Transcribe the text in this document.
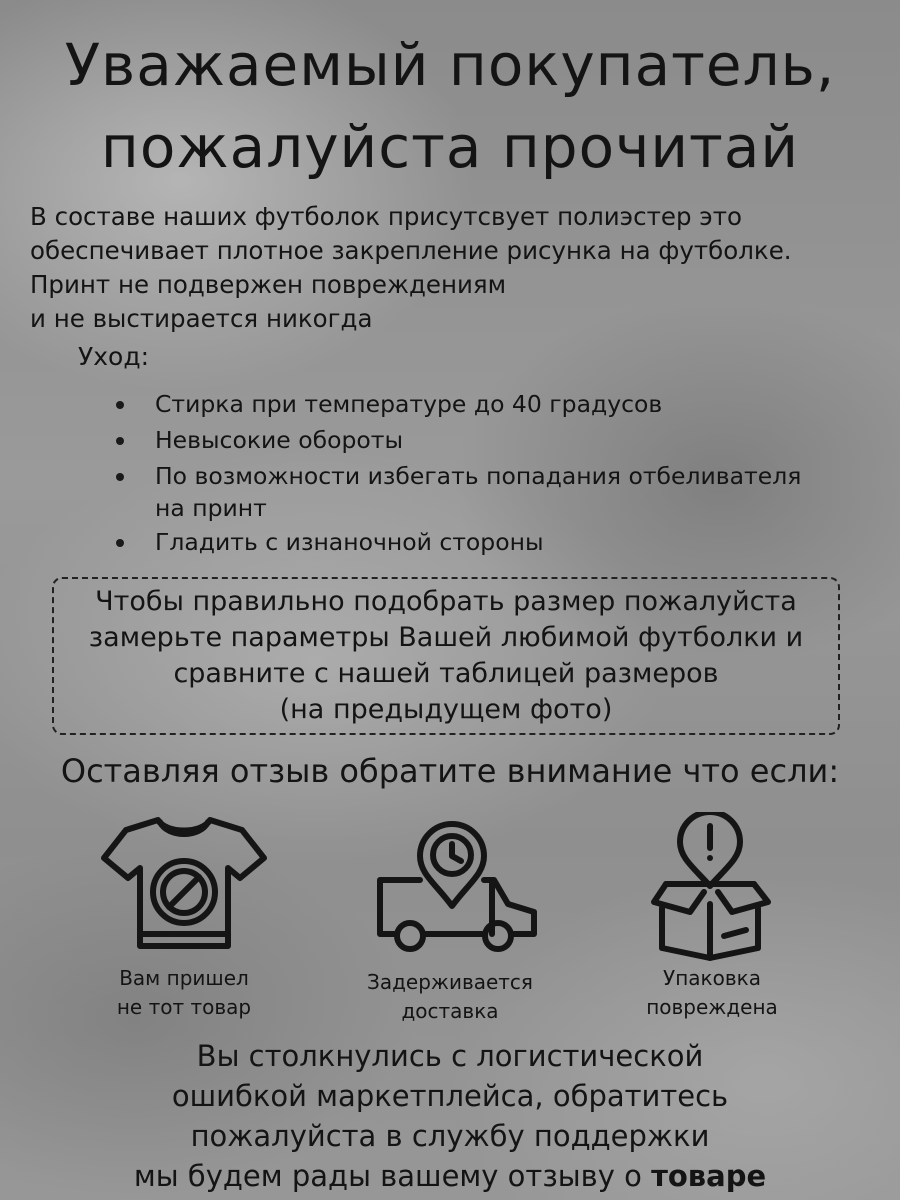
Уважаемый покупатель,
пожалуйста прочитай
В составе наших футболок присутсвует полиэстер это
обеспечивает плотное закрепление рисунка на футболке.
Принт не подвержен повреждениям
и не выстирается никогда
Уход:
Стирка при температуре до 40 градусов
Невысокие обороты
По возможности избегать попадания отбеливателя
на принт
Гладить с изнаночной стороны
Чтобы правильно подобрать размер пожалуйста
замерьте параметры Вашей любимой футболки и
сравните с нашей таблицей размеров
(на предыдущем фото)
Оставляя отзыв обратите внимание что если:
Вам пришел
не тот товар
Задерживается
доставка
Упаковка
повреждена
Вы столкнулись с логистической
ошибкой маркетплейса, обратитесь
пожалуйста в службу поддержки
мы будем рады вашему отзыву о товаре
